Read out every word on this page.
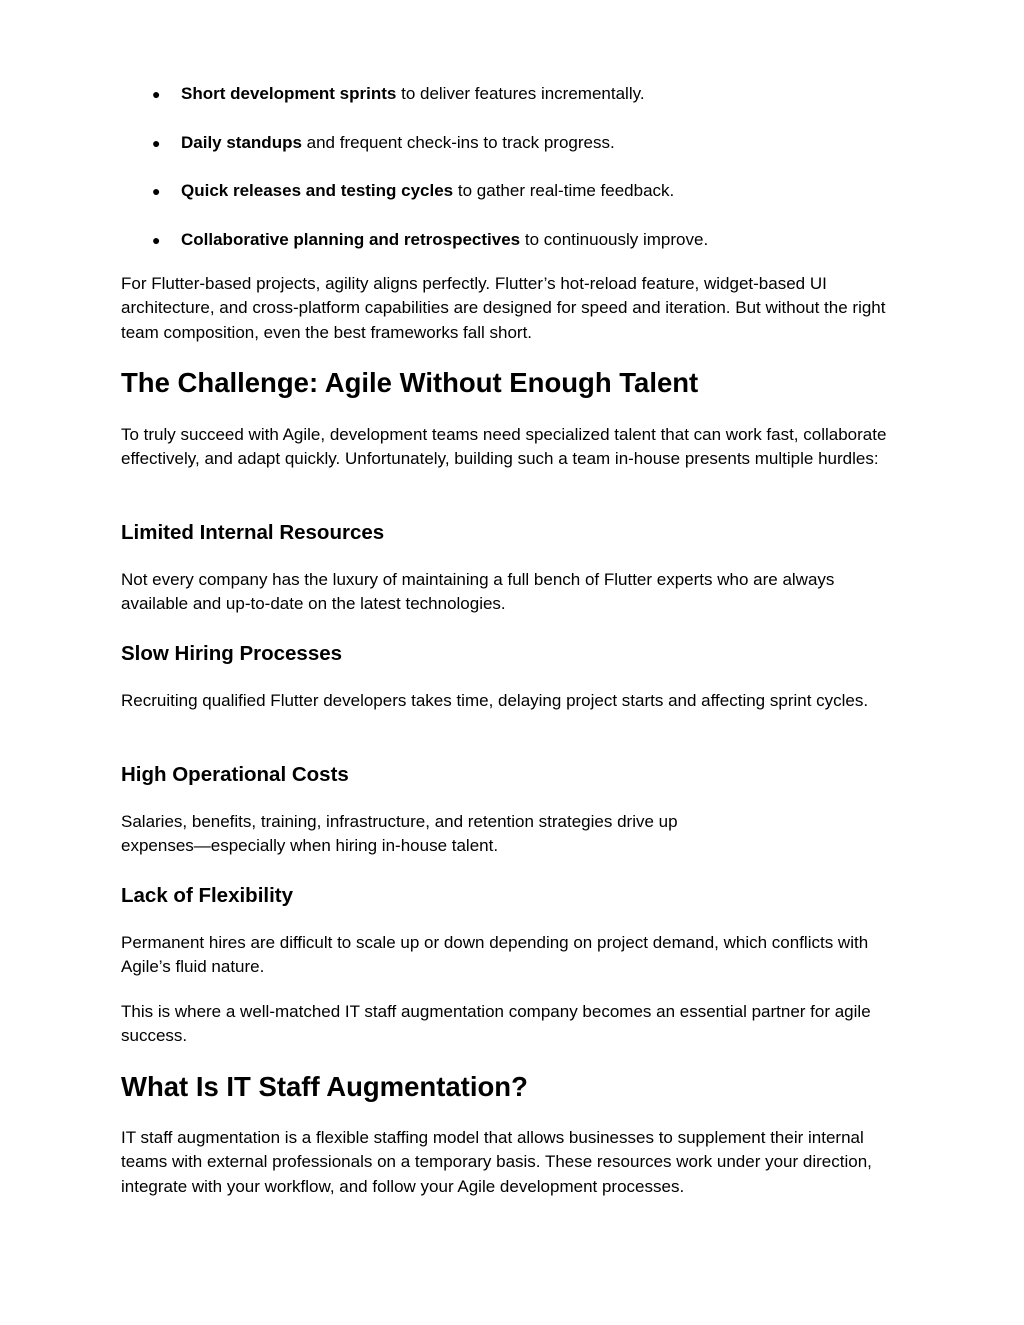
● Short development sprints to deliver features incrementally.
● Daily standups and frequent check-ins to track progress.
● Quick releases and testing cycles to gather real-time feedback.
● Collaborative planning and retrospectives to continuously improve.

For Flutter-based projects, agility aligns perfectly. Flutter’s hot-reload feature, widget-based UI architecture, and cross-platform capabilities are designed for speed and iteration. But without the right team composition, even the best frameworks fall short.

The Challenge: Agile Without Enough Talent

To truly succeed with Agile, development teams need specialized talent that can work fast, collaborate effectively, and adapt quickly. Unfortunately, building such a team in-house presents multiple hurdles:

Limited Internal Resources

Not every company has the luxury of maintaining a full bench of Flutter experts who are always available and up-to-date on the latest technologies.

Slow Hiring Processes

Recruiting qualified Flutter developers takes time, delaying project starts and affecting sprint cycles.

High Operational Costs

Salaries, benefits, training, infrastructure, and retention strategies drive up
expenses—especially when hiring in-house talent.

Lack of Flexibility

Permanent hires are difficult to scale up or down depending on project demand, which conflicts with Agile’s fluid nature.

This is where a well-matched IT staff augmentation company becomes an essential partner for agile success.

What Is IT Staff Augmentation?

IT staff augmentation is a flexible staffing model that allows businesses to supplement their internal teams with external professionals on a temporary basis. These resources work under your direction, integrate with your workflow, and follow your Agile development processes.
